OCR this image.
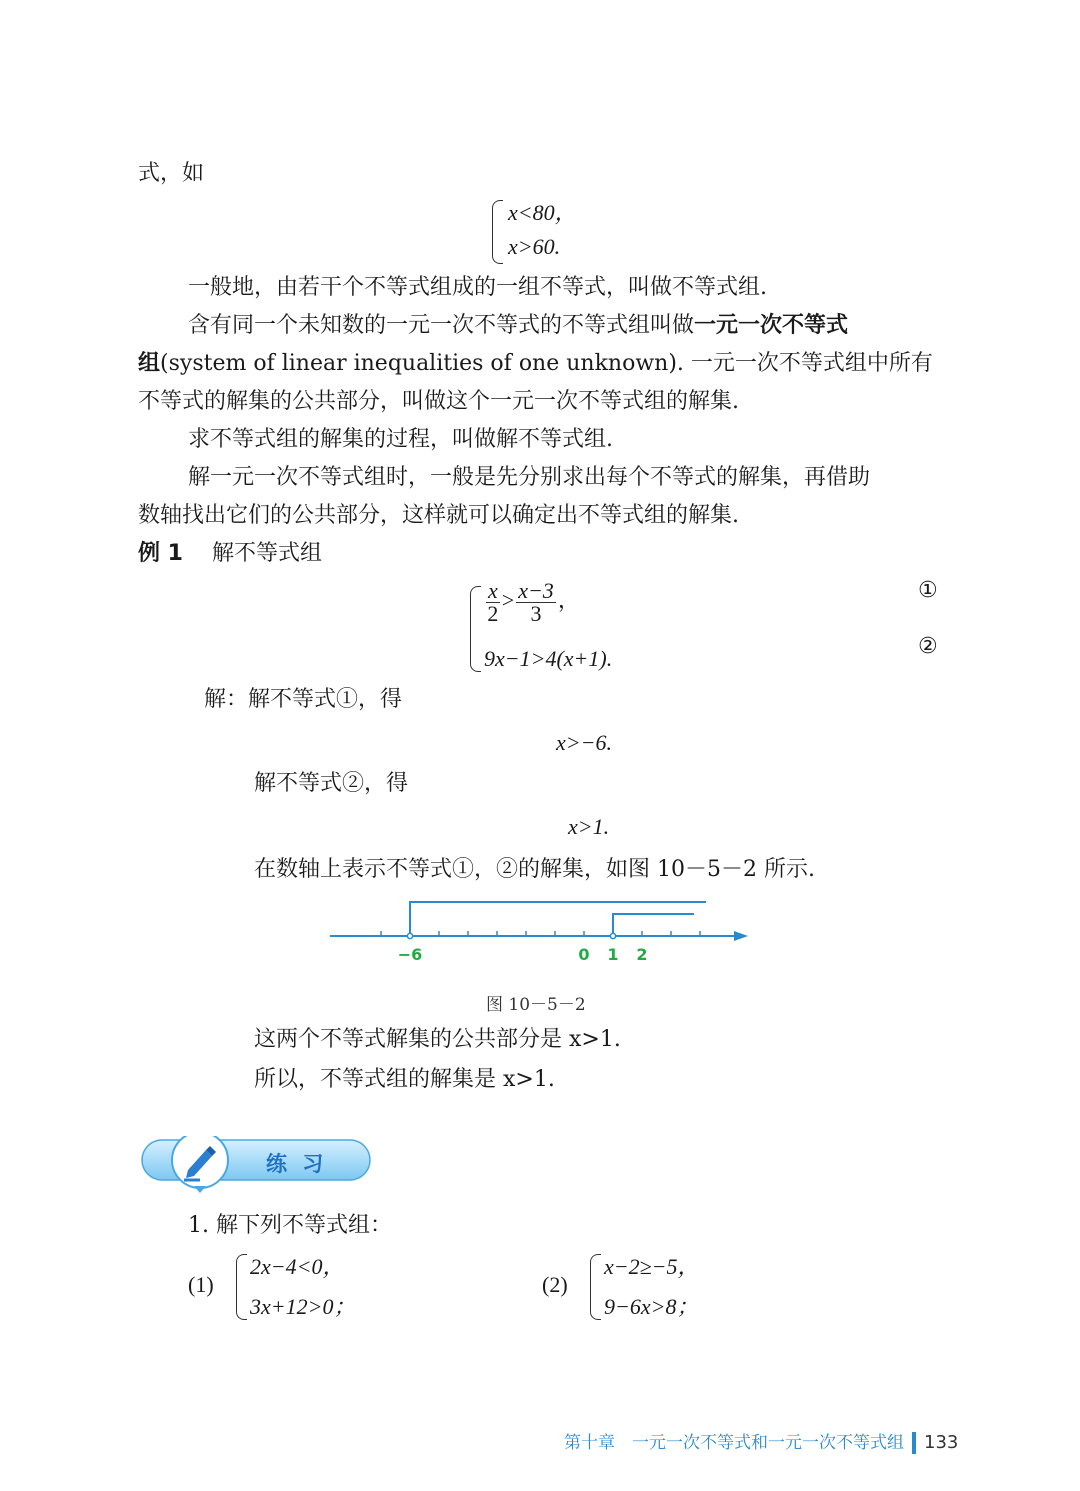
式，如
x<80，
x>60.
一般地，由若干个不等式组成的一组不等式，叫做不等式组.
含有同一个未知数的一元一次不等式的不等式组叫做一元一次不等式
组(system of linear inequalities of one unknown). 一元一次不等式组中所有
不等式的解集的公共部分，叫做这个一元一次不等式组的解集.
求不等式组的解集的过程，叫做解不等式组.
解一元一次不等式组时，一般是先分别求出每个不等式的解集，再借助
数轴找出它们的公共部分，这样就可以确定出不等式组的解集.
例 1 解不等式组
$\frac{x}{2} > \frac{x-3}{3}$ ，
9x−1>4(x+1).
①
②
解：解不等式①，得
x>−6.
解不等式②，得
x>1.
在数轴上表示不等式①，②的解集，如图 10－5－2 所示.
−6	0 1 2
图 10－5－2
这两个不等式解集的公共部分是 x>1.
所以，不等式组的解集是 x>1.
练 习
1. 解下列不等式组：
(1)
2x−4<0，
3x+12>0；
(2)
x−2≥−5，
9−6x>8；
第十章　一元一次不等式和一元一次不等式组 133
